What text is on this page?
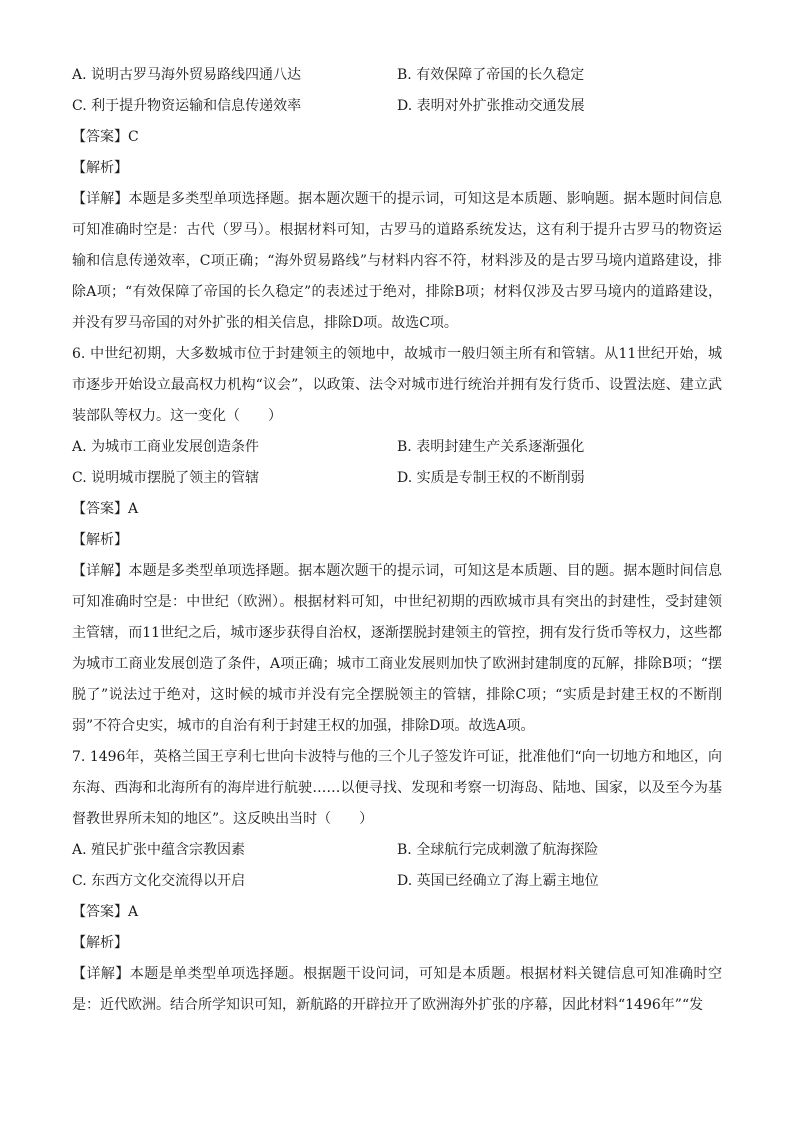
A. 说明古罗马海外贸易路线四通八达	B. 有效保障了帝国的长久稳定
C. 利于提升物资运输和信息传递效率	D. 表明对外扩张推动交通发展
【答案】C
【解析】
【详解】本题是多类型单项选择题。据本题次题干的提示词，可知这是本质题、影响题。据本题时间信息可知准确时空是：古代（罗马）。根据材料可知，古罗马的道路系统发达，这有利于提升古罗马的物资运输和信息传递效率，C项正确；“海外贸易路线”与材料内容不符，材料涉及的是古罗马境内道路建设，排除A项；“有效保障了帝国的长久稳定”的表述过于绝对，排除B项；材料仅涉及古罗马境内的道路建设，并没有罗马帝国的对外扩张的相关信息，排除D项。故选C项。
6. 中世纪初期，大多数城市位于封建领主的领地中，故城市一般归领主所有和管辖。从11世纪开始，城市逐步开始设立最高权力机构“议会”，以政策、法令对城市进行统治并拥有发行货币、设置法庭、建立武装部队等权力。这一变化（　　）
A. 为城市工商业发展创造条件	B. 表明封建生产关系逐渐强化
C. 说明城市摆脱了领主的管辖	D. 实质是专制王权的不断削弱
【答案】A
【解析】
【详解】本题是多类型单项选择题。据本题次题干的提示词，可知这是本质题、目的题。据本题时间信息可知准确时空是：中世纪（欧洲）。根据材料可知，中世纪初期的西欧城市具有突出的封建性，受封建领主管辖，而11世纪之后，城市逐步获得自治权，逐渐摆脱封建领主的管控，拥有发行货币等权力，这些都为城市工商业发展创造了条件，A项正确；城市工商业发展则加快了欧洲封建制度的瓦解，排除B项；“摆脱了”说法过于绝对，这时候的城市并没有完全摆脱领主的管辖，排除C项；“实质是封建王权的不断削弱”不符合史实，城市的自治有利于封建王权的加强，排除D项。故选A项。
7. 1496年，英格兰国王亨利七世向卡波特与他的三个儿子签发许可证，批准他们“向一切地方和地区，向东海、西海和北海所有的海岸进行航驶……以便寻找、发现和考察一切海岛、陆地、国家，以及至今为基督教世界所未知的地区”。这反映出当时（　　）
A. 殖民扩张中蕴含宗教因素	B. 全球航行完成刺激了航海探险
C. 东西方文化交流得以开启	D. 英国已经确立了海上霸主地位
【答案】A
【解析】
【详解】本题是单类型单项选择题。根据题干设问词，可知是本质题。根据材料关键信息可知准确时空是：近代欧洲。结合所学知识可知，新航路的开辟拉开了欧洲海外扩张的序幕，因此材料“1496年”“发
